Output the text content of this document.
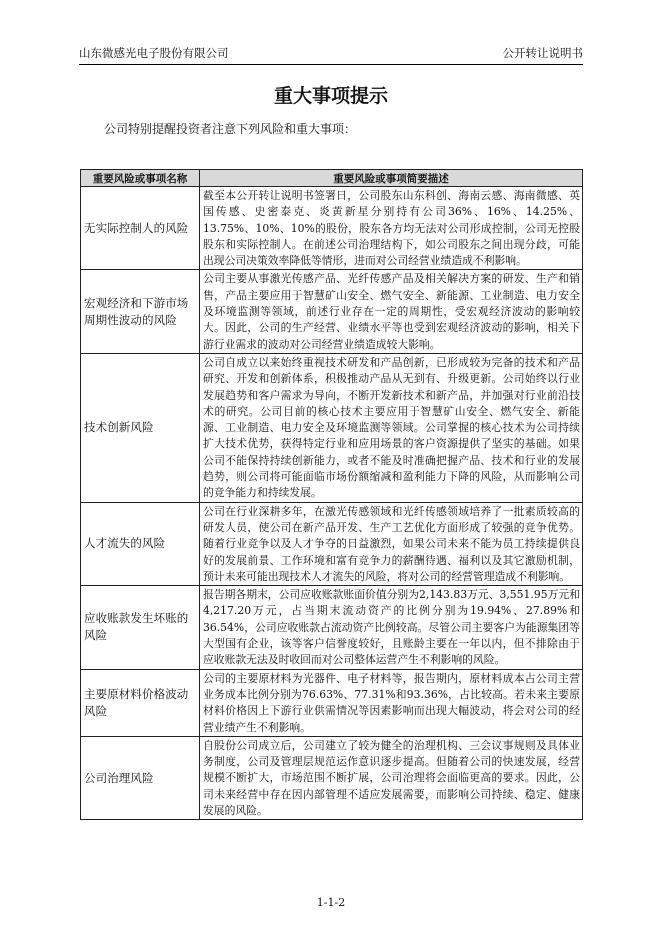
山东微感光电子股份有限公司	公开转让说明书
重大事项提示
公司特别提醒投资者注意下列风险和重大事项：
重要风险或事项名称	重要风险或事项简要描述
无实际控制人的风险	截至本公开转让说明书签署日，公司股东山东科创、海南云感、海南微感、英国传感、史密泰克、炎黄新星分别持有公司36%、16%、14.25%、13.75%、10%、10%的股份，股东各方均无法对公司形成控制，公司无控股股东和实际控制人。在前述公司治理结构下，如公司股东之间出现分歧，可能出现公司决策效率降低等情形，进而对公司经营业绩造成不利影响。
宏观经济和下游市场周期性波动的风险	公司主要从事激光传感产品、光纤传感产品及相关解决方案的研发、生产和销售，产品主要应用于智慧矿山安全、燃气安全、新能源、工业制造、电力安全及环境监测等领域，前述行业存在一定的周期性，受宏观经济波动的影响较大。因此，公司的生产经营、业绩水平等也受到宏观经济波动的影响，相关下游行业需求的波动对公司经营业绩造成较大影响。
技术创新风险	公司自成立以来始终重视技术研发和产品创新，已形成较为完备的技术和产品研究、开发和创新体系，积极推动产品从无到有、升级更新。公司始终以行业发展趋势和客户需求为导向，不断开发新技术和新产品，并加强对行业前沿技术的研究。公司目前的核心技术主要应用于智慧矿山安全、燃气安全、新能源、工业制造、电力安全及环境监测等领域。公司掌握的核心技术为公司持续扩大技术优势，获得特定行业和应用场景的客户资源提供了坚实的基础。如果公司不能保持持续创新能力，或者不能及时准确把握产品、技术和行业的发展趋势，则公司将可能面临市场份额缩减和盈利能力下降的风险，从而影响公司的竞争能力和持续发展。
人才流失的风险	公司在行业深耕多年，在激光传感领域和光纤传感领域培养了一批素质较高的研发人员，使公司在新产品开发、生产工艺优化方面形成了较强的竞争优势。随着行业竞争以及人才争夺的日益激烈，如果公司未来不能为员工持续提供良好的发展前景、工作环境和富有竞争力的薪酬待遇、福利以及其它激励机制，预计未来可能出现技术人才流失的风险，将对公司的经营管理造成不利影响。
应收账款发生坏账的风险	报告期各期末，公司应收账款账面价值分别为2,143.83万元、3,551.95万元和4,217.20万元，占当期末流动资产的比例分别为19.94%、27.89%和36.54%，公司应收账款占流动资产比例较高。尽管公司主要客户为能源集团等大型国有企业，该等客户信誉度较好，且账龄主要在一年以内，但不排除由于应收账款无法及时收回而对公司整体运营产生不利影响的风险。
主要原材料价格波动风险	公司的主要原材料为光器件、电子材料等，报告期内，原材料成本占公司主营业务成本比例分别为76.63%、77.31%和93.36%，占比较高。若未来主要原材料价格因上下游行业供需情况等因素影响而出现大幅波动，将会对公司的经营业绩产生不利影响。
公司治理风险	自股份公司成立后，公司建立了较为健全的治理机构、三会议事规则及具体业务制度，公司及管理层规范运作意识逐步提高。但随着公司的快速发展，经营规模不断扩大，市场范围不断扩展，公司治理将会面临更高的要求。因此，公司未来经营中存在因内部管理不适应发展需要，而影响公司持续、稳定、健康发展的风险。
1-1-2
